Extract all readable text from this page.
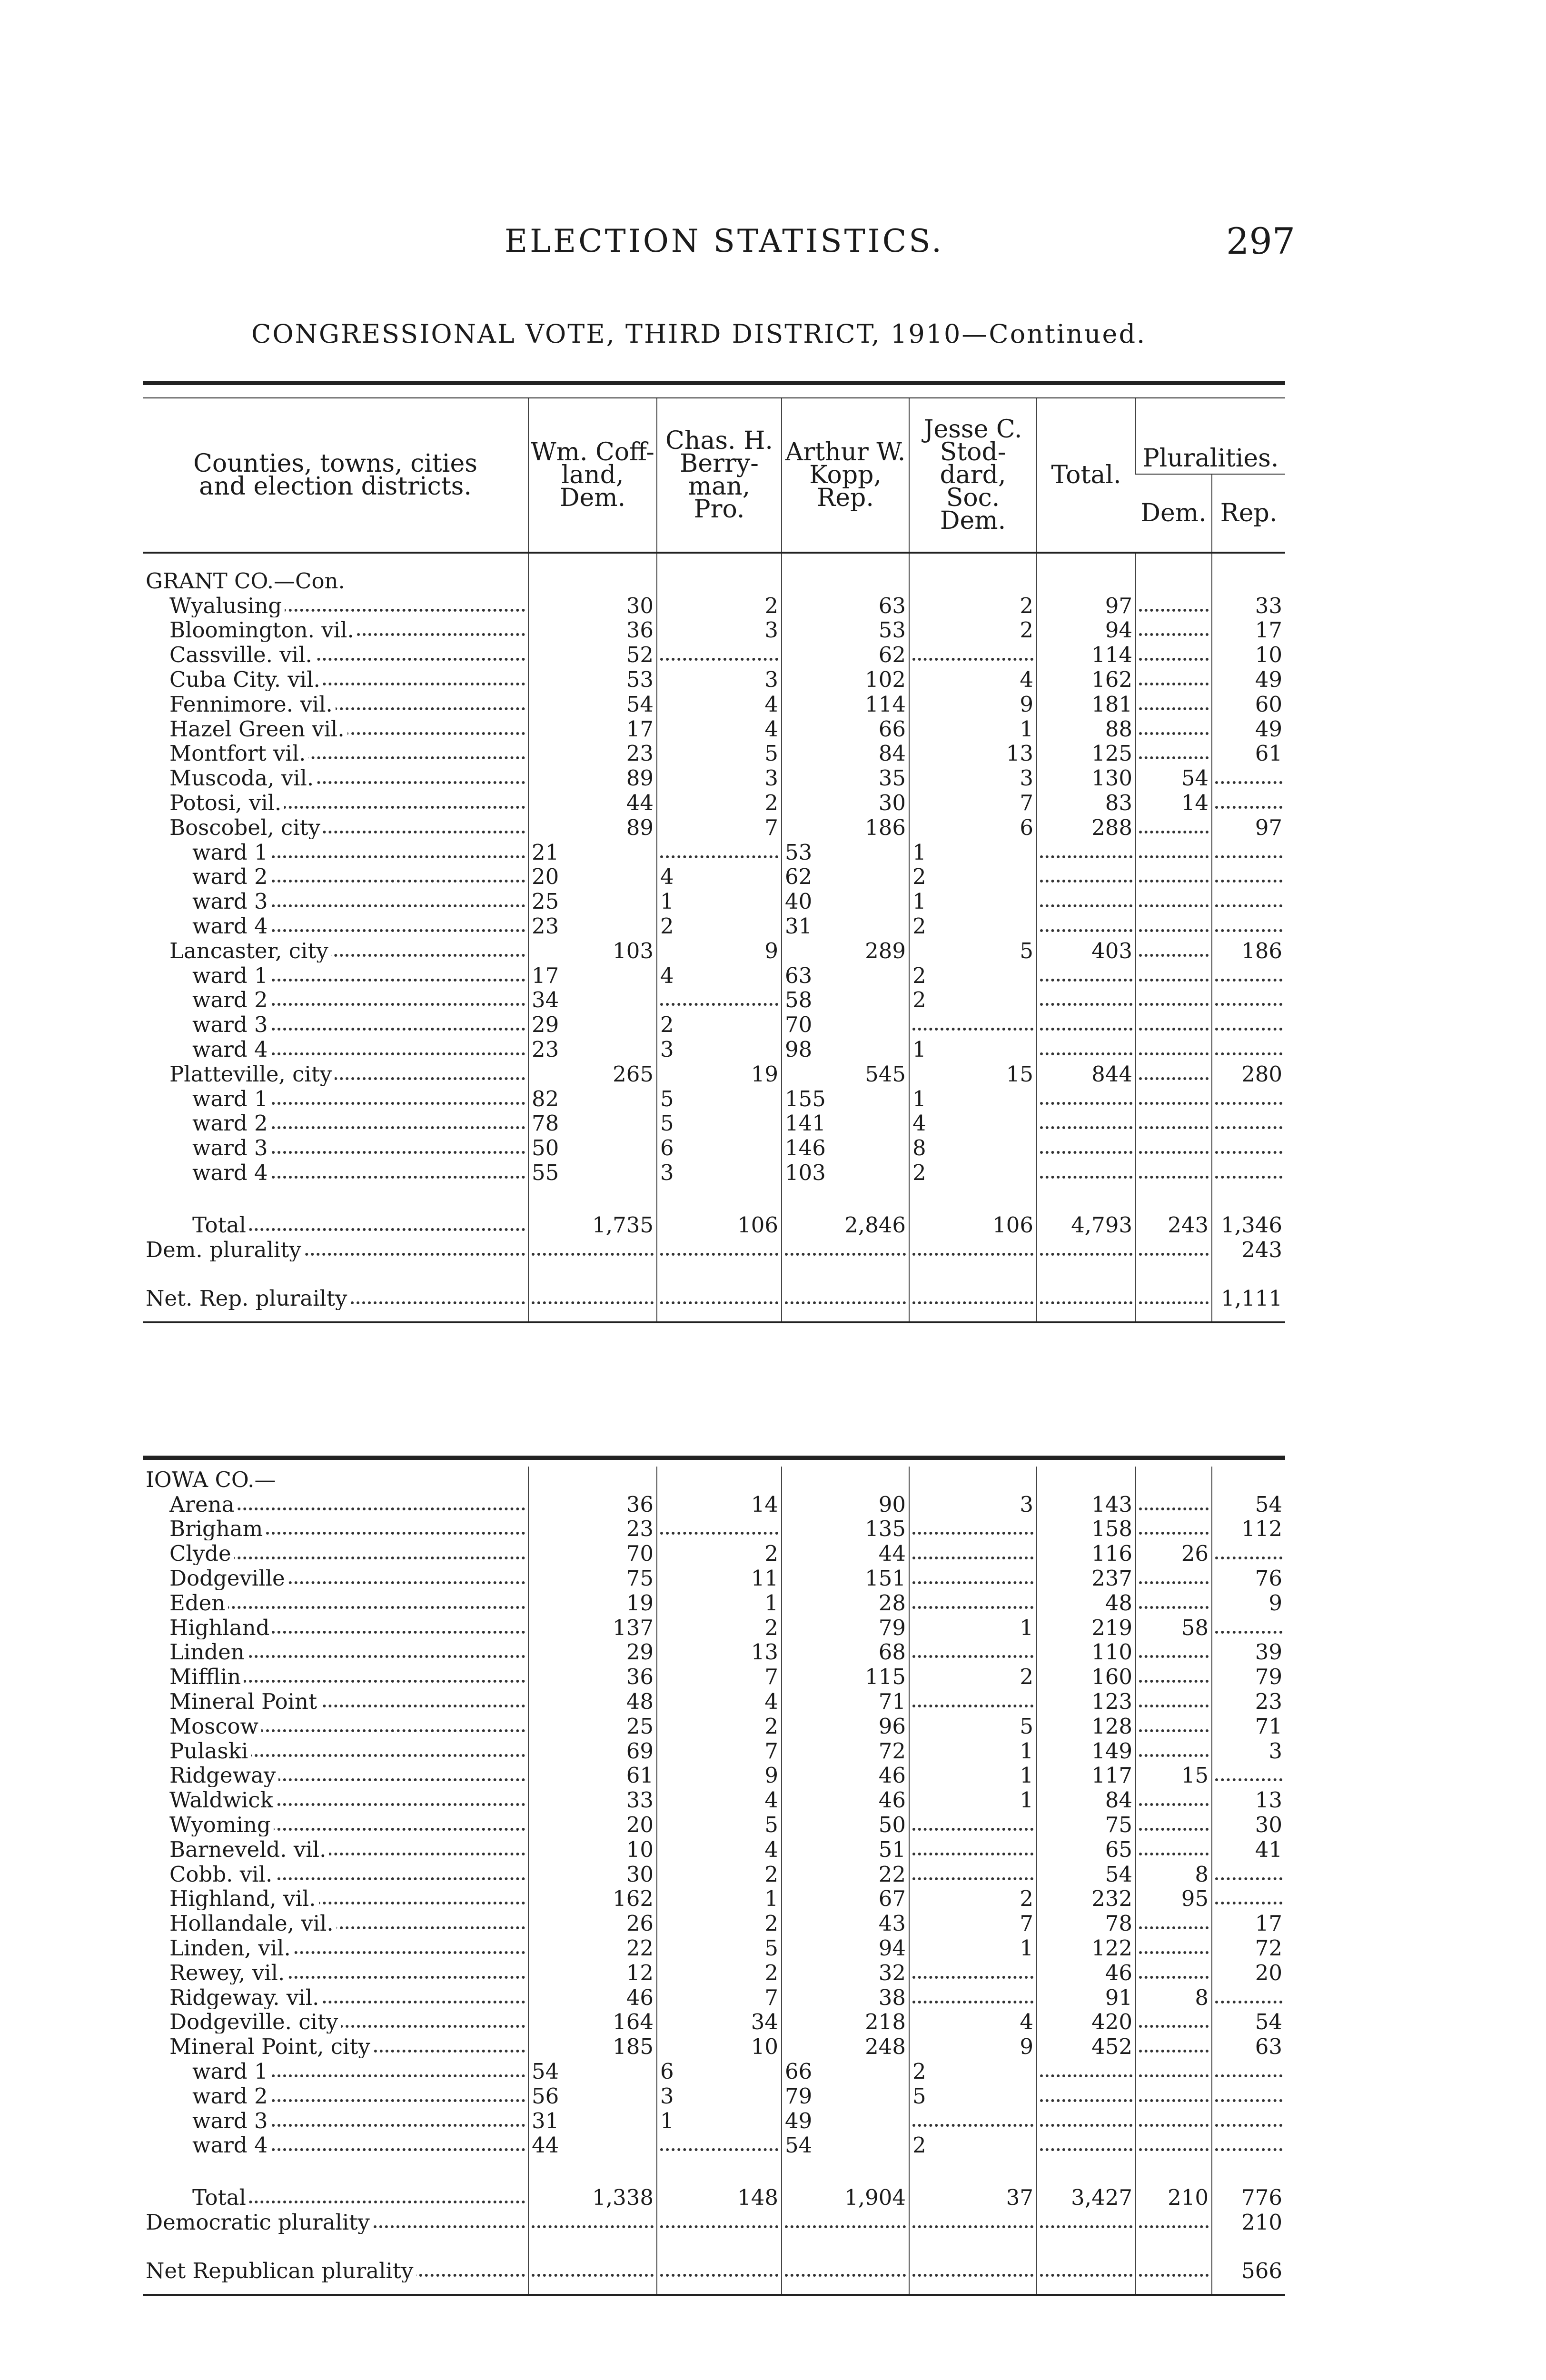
ELECTION STATISTICS.	297
CONGRESSIONAL VOTE, THIRD DISTRICT, 1910—Continued.

Counties, towns, cities and election districts.	Wm. Coff- land, Dem.	Chas. H. Berry- man, Pro.	Arthur W. Kopp, Rep.	Jesse C. Stod- dard, Soc. Dem.	Total.	Pluralities.	
						Dem.	Rep.

GRANT CO.—Con.							
Wyalusing	30	2	63	2	97		33
Bloomington. vil.	36	3	53	2	94		17
Cassville. vil.	52		62		114		10
Cuba City. vil.	53	3	102	4	162		49
Fennimore. vil.	54	4	114	9	181		60
Hazel Green vil.	17	4	66	1	88		49
Montfort vil.	23	5	84	13	125		61
Muscoda, vil.	89	3	35	3	130	54	
Potosi, vil.	44	2	30	7	83	14	
Boscobel, city	89	7	186	6	288		97
ward 1	21		53	1			
ward 2	20	4	62	2			
ward 3	25	1	40	1			
ward 4	23	2	31	2			
Lancaster, city	103	9	289	5	403		186
ward 1	17	4	63	2			
ward 2	34		58	2			
ward 3	29	2	70				
ward 4	23	3	98	1			
Platteville, city	265	19	545	15	844		280
ward 1	82	5	155	1			
ward 2	78	5	141	4			
ward 3	50	6	146	8			
ward 4	55	3	103	2			

Total	1,735	106	2,846	106	4,793	243	1,346
Dem. plurality							243

Net. Rep. plurailty							1,111

IOWA CO.—							
Arena	36	14	90	3	143		54
Brigham	23		135		158		112
Clyde	70	2	44		116	26	
Dodgeville	75	11	151		237		76
Eden	19	1	28		48		9
Highland	137	2	79	1	219	58	
Linden	29	13	68		110		39
Mifflin	36	7	115	2	160		79
Mineral Point	48	4	71		123		23
Moscow	25	2	96	5	128		71
Pulaski	69	7	72	1	149		3
Ridgeway	61	9	46	1	117	15	
Waldwick	33	4	46	1	84		13
Wyoming	20	5	50		75		30
Barneveld. vil.	10	4	51		65		41
Cobb. vil.	30	2	22		54	8	
Highland, vil.	162	1	67	2	232	95	
Hollandale, vil.	26	2	43	7	78		17
Linden, vil.	22	5	94	1	122		72
Rewey, vil.	12	2	32		46		20
Ridgeway. vil.	46	7	38		91	8	
Dodgeville. city	164	34	218	4	420		54
Mineral Point, city	185	10	248	9	452		63
ward 1	54	6	66	2			
ward 2	56	3	79	5			
ward 3	31	1	49				
ward 4	44		54	2			

Total	1,338	148	1,904	37	3,427	210	776
Democratic plurality							210

Net Republican plurality							566
